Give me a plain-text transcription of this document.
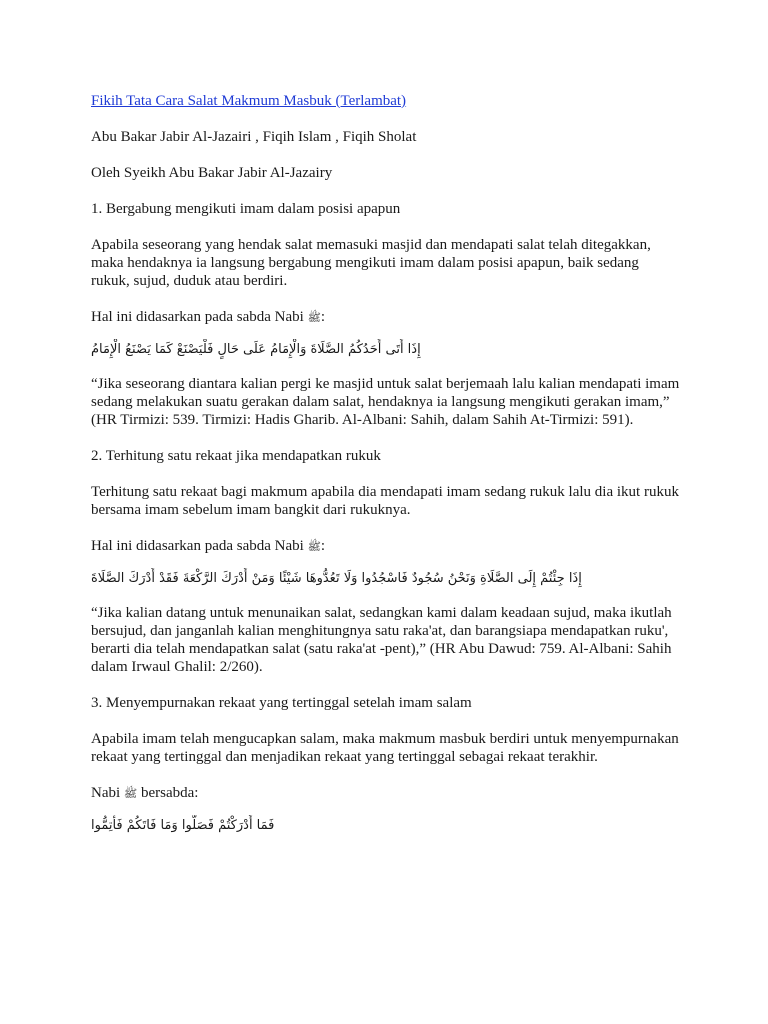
Fikih Tata Cara Salat Makmum Masbuk (Terlambat)

Abu Bakar Jabir Al-Jazairi , Fiqih Islam , Fiqih Sholat

Oleh Syeikh Abu Bakar Jabir Al-Jazairy

1. Bergabung mengikuti imam dalam posisi apapun

Apabila seseorang yang hendak salat memasuki masjid dan mendapati salat telah ditegakkan, maka hendaknya ia langsung bergabung mengikuti imam dalam posisi apapun, baik sedang rukuk, sujud, duduk atau berdiri.

Hal ini didasarkan pada sabda Nabi ﷺ:

إِذَا أَتَى أَحَدُكُمُ الصَّلَاةَ وَالْإِمَامُ عَلَى حَالٍ فَلْيَصْنَعْ كَمَا يَصْنَعُ الْإِمَامُ

“Jika seseorang diantara kalian pergi ke masjid untuk salat berjemaah lalu kalian mendapati imam sedang melakukan suatu gerakan dalam salat, hendaknya ia langsung mengikuti gerakan imam,” (HR Tirmizi: 539. Tirmizi: Hadis Gharib. Al-Albani: Sahih, dalam Sahih At-Tirmizi: 591).

2. Terhitung satu rekaat jika mendapatkan rukuk

Terhitung satu rekaat bagi makmum apabila dia mendapati imam sedang rukuk lalu dia ikut rukuk bersama imam sebelum imam bangkit dari rukuknya.

Hal ini didasarkan pada sabda Nabi ﷺ:

إِذَا جِئْتُمْ إِلَى الصَّلَاةِ وَنَحْنُ سُجُودٌ فَاسْجُدُوا وَلَا تَعُدُّوهَا شَيْئًا وَمَنْ أَدْرَكَ الرَّكْعَةَ فَقَدْ أَدْرَكَ الصَّلَاةَ

“Jika kalian datang untuk menunaikan salat, sedangkan kami dalam keadaan sujud, maka ikutlah bersujud, dan janganlah kalian menghitungnya satu raka'at, dan barangsiapa mendapatkan ruku', berarti dia telah mendapatkan salat (satu raka'at -pent),” (HR Abu Dawud: 759. Al-Albani: Sahih dalam Irwaul Ghalil: 2/260).

3. Menyempurnakan rekaat yang tertinggal setelah imam salam

Apabila imam telah mengucapkan salam, maka makmum masbuk berdiri untuk menyempurnakan rekaat yang tertinggal dan menjadikan rekaat yang tertinggal sebagai rekaat terakhir.

Nabi ﷺ bersabda:

فَمَا أَدْرَكْتُمْ فَصَلُّوا وَمَا فَاتَكُمْ فَأَتِمُّوا
